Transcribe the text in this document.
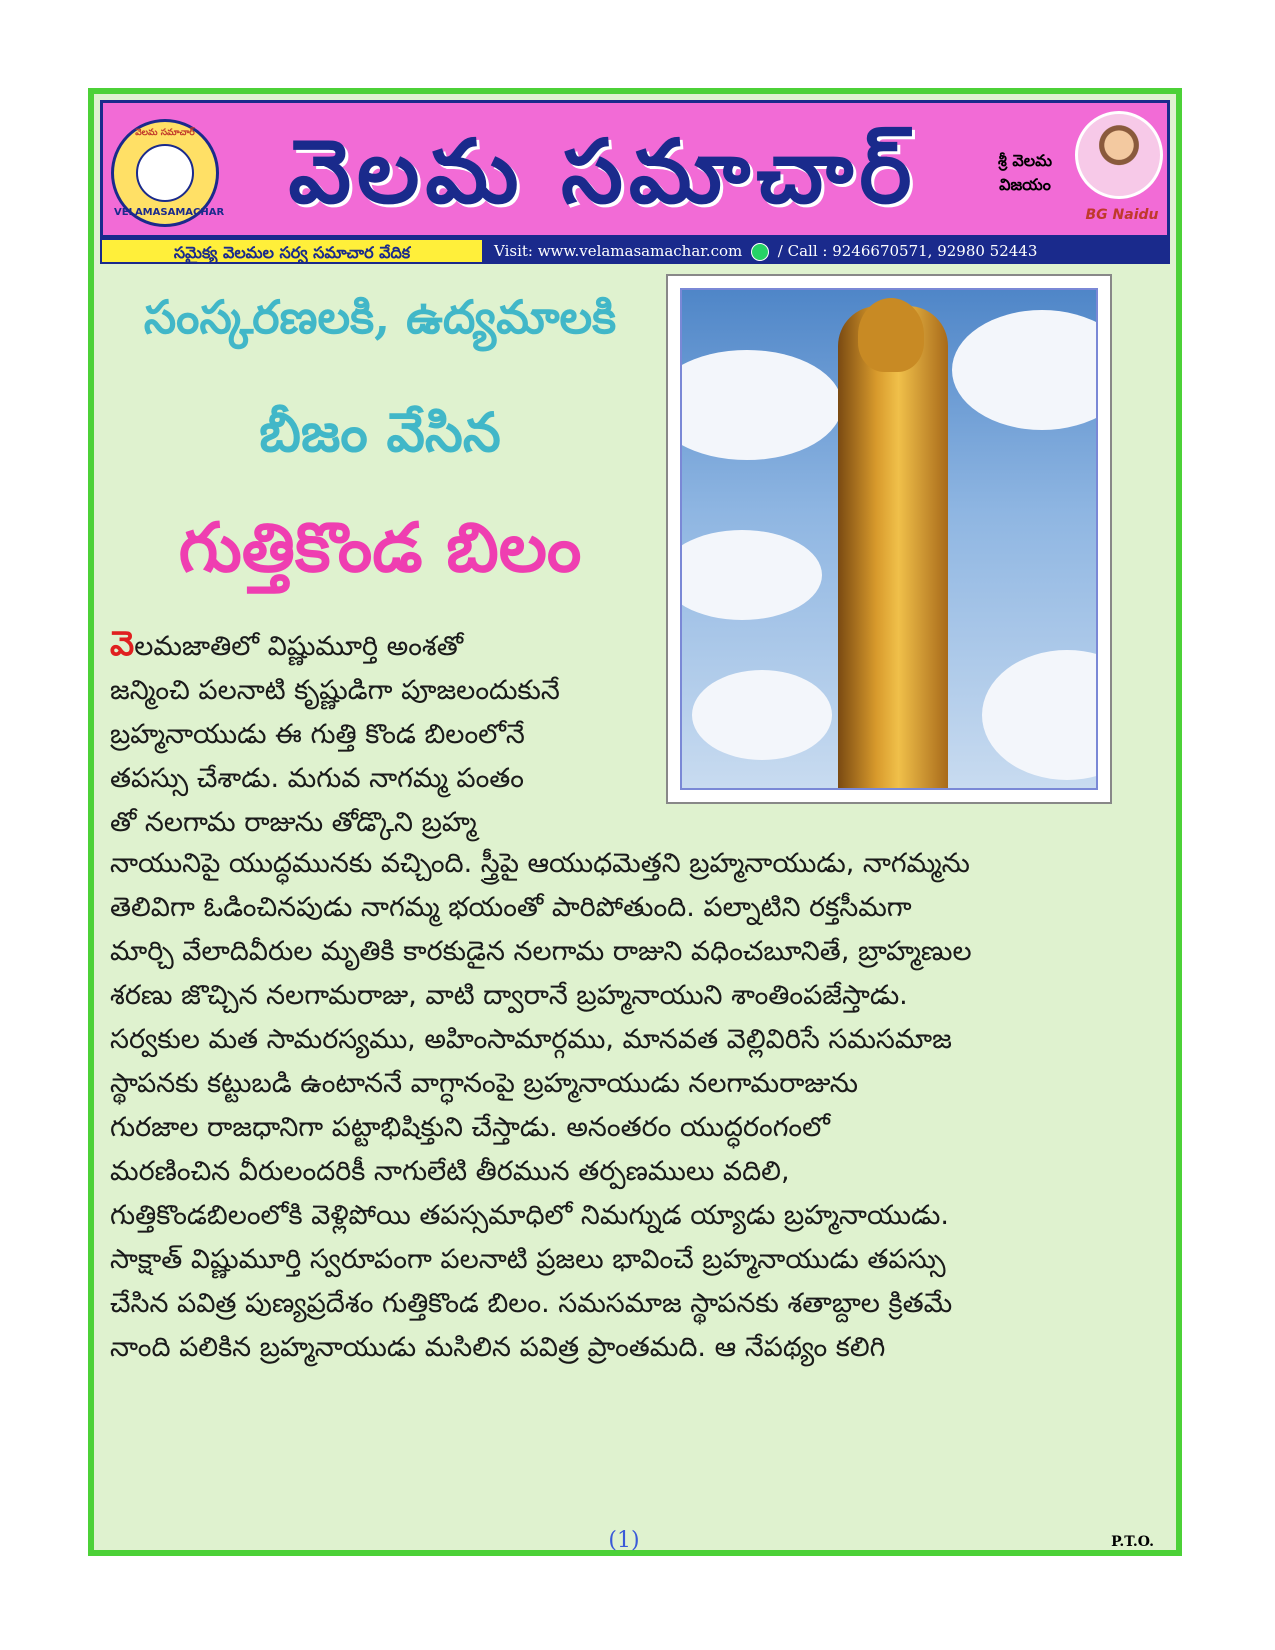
వెలమ సమాచార్
VELAMASAMACHAR వెలమ సమాచార్	శ్రీ వెలమ విజయం
BG Naidu
సమైక్య వెలమల సర్వ సమాచార వేదిక	Visit: www.velamasamachar.com / Call : 9246670571, 92980 52443
సంస్కరణలకి, ఉద్యమాలకి
బీజం వేసిన
గుత్తికొండ బిలం
వెలమజాతిలో విష్ణుమూర్తి అంశతో
జన్మించి పలనాటి కృష్ణుడిగా పూజలందుకునే
బ్రహ్మనాయుడు ఈ గుత్తి కొండ బిలంలోనే
తపస్సు చేశాడు. మగువ నాగమ్మ పంతం
తో నలగామ రాజును తోడ్కొని బ్రహ్మ
నాయునిపై యుద్ధమునకు వచ్చింది. స్త్రీపై ఆయుధమెత్తని బ్రహ్మనాయుడు, నాగమ్మను
తెలివిగా ఓడించినపుడు నాగమ్మ భయంతో పారిపోతుంది. పల్నాటిని రక్తసీమగా
మార్చి వేలాదివీరుల మృతికి కారకుడైన నలగామ రాజుని వధించబూనితే, బ్రాహ్మణుల
శరణు జొచ్చిన నలగామరాజు, వాటి ద్వారానే బ్రహ్మనాయుని శాంతింపజేస్తాడు.
సర్వకుల మత సామరస్యము, అహింసామార్గము, మానవత వెల్లివిరిసే సమసమాజ
స్థాపనకు కట్టుబడి ఉంటాననే వాగ్ధానంపై బ్రహ్మనాయుడు నలగామరాజును
గురజాల రాజధానిగా పట్టాభిషిక్తుని చేస్తాడు. అనంతరం యుద్ధరంగంలో
మరణించిన వీరులందరికీ నాగులేటి తీరమున తర్పణములు వదిలి,
గుత్తికొండబిలంలోకి వెళ్లిపోయి తపస్సమాధిలో నిమగ్నుడ య్యాడు బ్రహ్మనాయుడు.
సాక్షాత్ విష్ణుమూర్తి స్వరూపంగా పలనాటి ప్రజలు భావించే బ్రహ్మనాయుడు తపస్సు
చేసిన పవిత్ర పుణ్యప్రదేశం గుత్తికొండ బిలం. సమసమాజ స్థాపనకు శతాబ్దాల క్రితమే
నాంది పలికిన బ్రహ్మనాయుడు మసిలిన పవిత్ర ప్రాంతమది. ఆ నేపథ్యం కలిగి
(1)	P.T.O.
